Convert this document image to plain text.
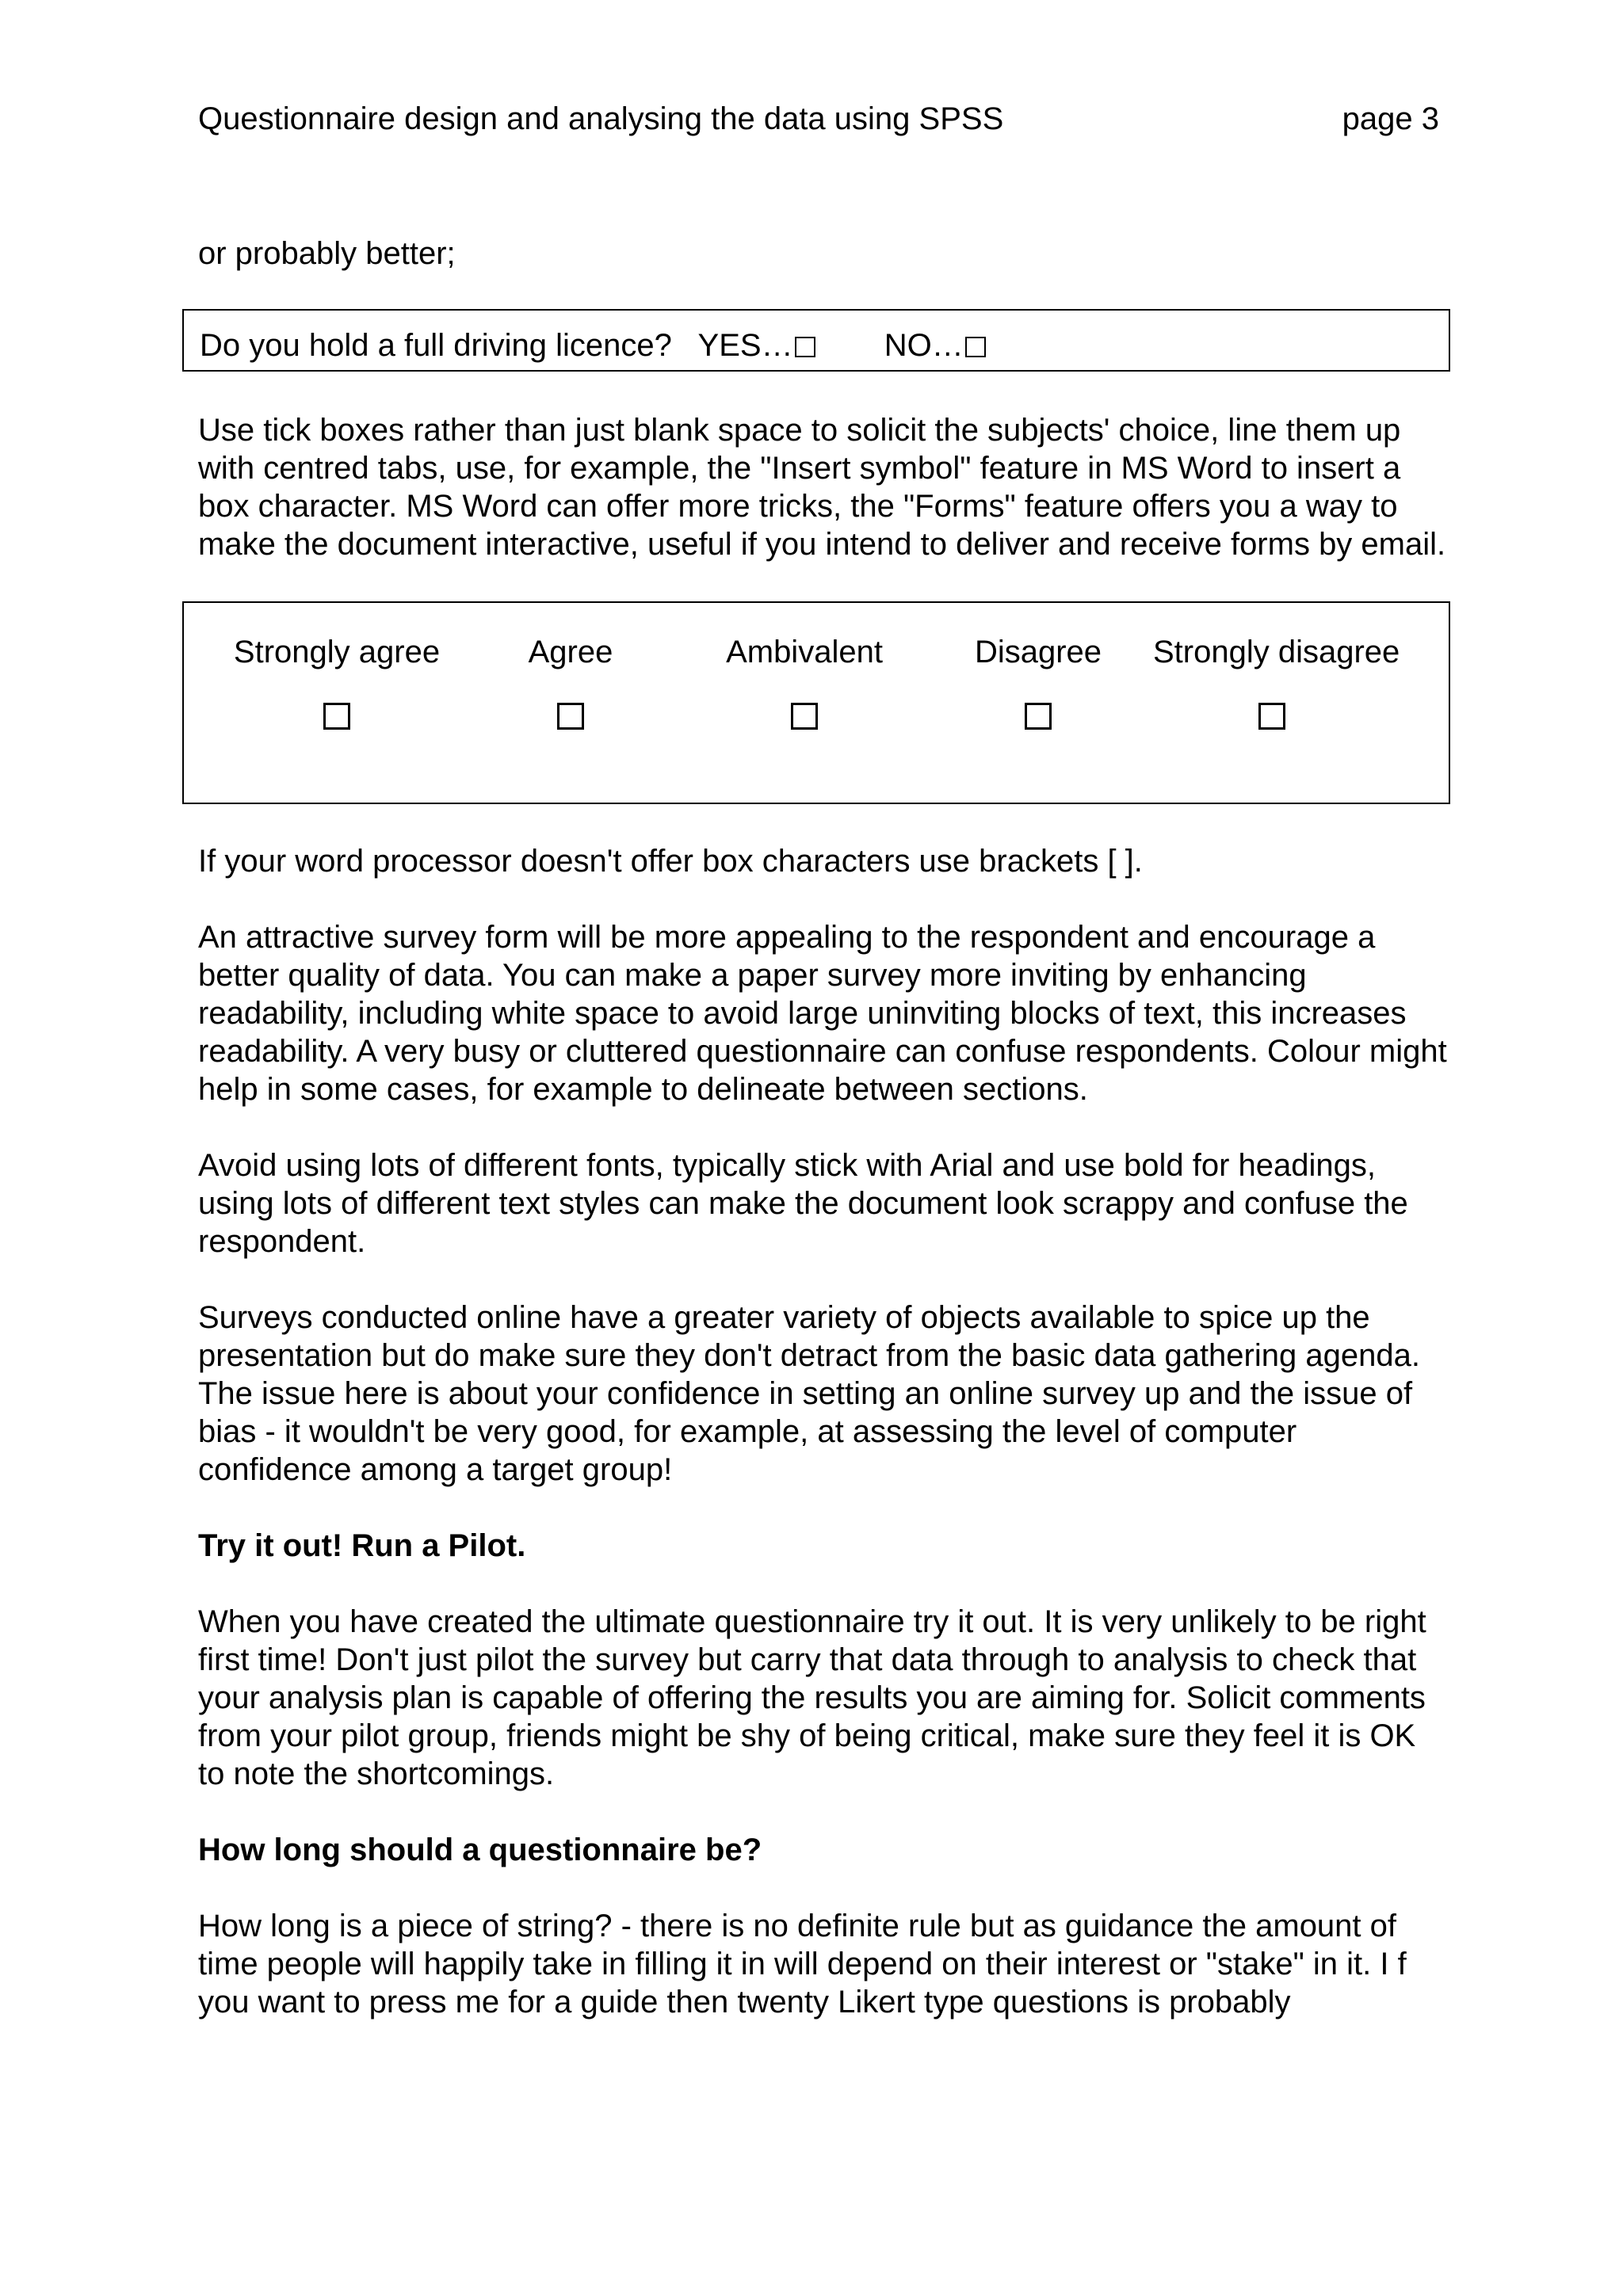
Questionnaire design and analysing the data using SPSS	page 3

or probably better;

Do you hold a full driving licence? YES…	NO…

Use tick boxes rather than just blank space to solicit the subjects' choice, line them up with centred tabs, use, for example, the "Insert symbol" feature in MS Word to insert a box character. MS Word can offer more tricks, the "Forms" feature offers you a way to make the document interactive, useful if you intend to deliver and receive forms by email.

Strongly agree	Agree	Ambivalent	Disagree	Strongly disagree

If your word processor doesn't offer box characters use brackets [ ].

An attractive survey form will be more appealing to the respondent and encourage a better quality of data. You can make a paper survey more inviting by enhancing readability, including white space to avoid large uninviting blocks of text, this increases readability. A very busy or cluttered questionnaire can confuse respondents. Colour might help in some cases, for example to delineate between sections.

Avoid using lots of different fonts, typically stick with Arial and use bold for headings, using lots of different text styles can make the document look scrappy and confuse the respondent.

Surveys conducted online have a greater variety of objects available to spice up the presentation but do make sure they don't detract from the basic data gathering agenda. The issue here is about your confidence in setting an online survey up and the issue of bias - it wouldn't be very good, for example, at assessing the level of computer confidence among a target group!

Try it out! Run a Pilot.

When you have created the ultimate questionnaire try it out. It is very unlikely to be right first time! Don't just pilot the survey but carry that data through to analysis to check that your analysis plan is capable of offering the results you are aiming for. Solicit comments from your pilot group, friends might be shy of being critical, make sure they feel it is OK to note the shortcomings.

How long should a questionnaire be?

How long is a piece of string? - there is no definite rule but as guidance the amount of time people will happily take in filling it in will depend on their interest or "stake" in it. I f you want to press me for a guide then twenty Likert type questions is probably
